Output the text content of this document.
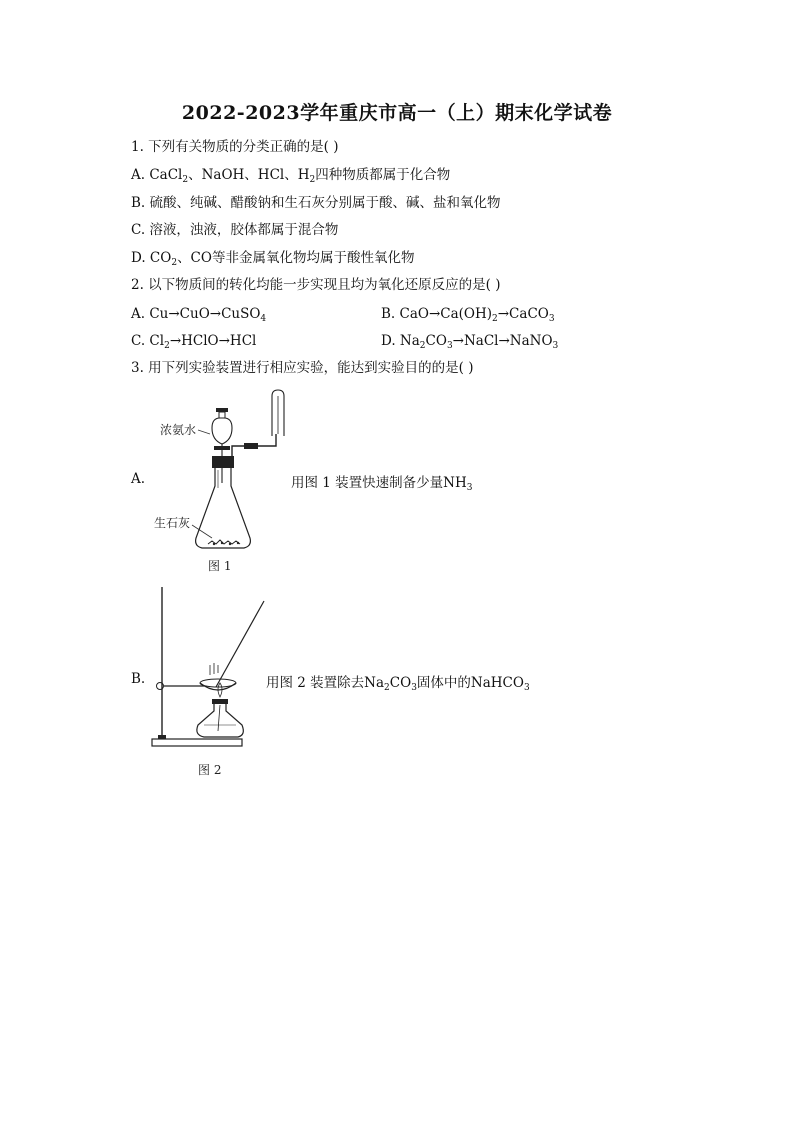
2022-2023学年重庆市高一（上）期末化学试卷
1. 下列有关物质的分类正确的是( )
A. CaCl$_2$、NaOH、HCl、$H_2$四种物质都属于化合物
B. 硫酸、纯碱、醋酸钠和生石灰分别属于酸、碱、盐和氧化物
C. 溶液，浊液，胶体都属于混合物
D. $CO_2$、CO等非金属氧化物均属于酸性氧化物
2. 以下物质间的转化均能一步实现且均为氧化还原反应的是( )
A. Cu→CuO→CuSO$_4$	B. $CaO\to Ca(OH)_2\to CaCO_3$
C. $Cl_2\to HClO\to HCl$	D. $Na_2CO_3\to NaCl\to NaNO_3$
3. 用下列实验装置进行相应实验，能达到实验目的的是( )
A.	用图 1 装置快速制备少量$NH_3$
浓氨水
生石灰
图 1
B.	用图 2 装置除去$Na_2CO_3$固体中的NaHCO$_3$
图 2
